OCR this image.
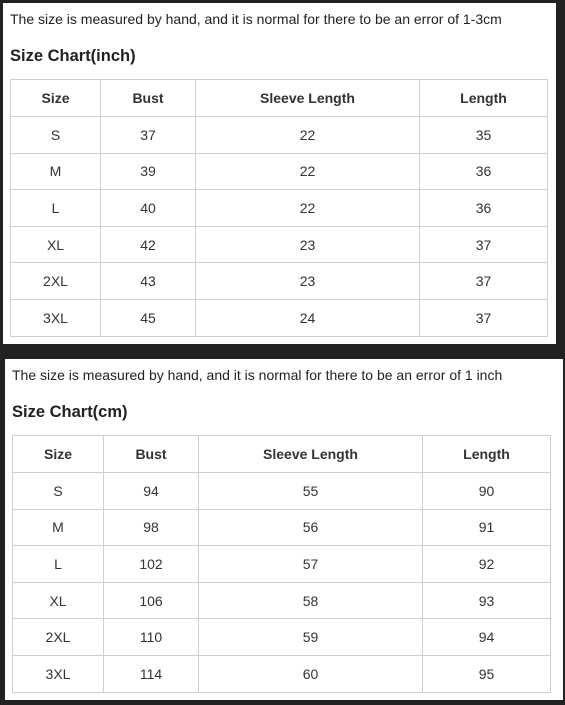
The size is measured by hand, and it is normal for there to be an error of 1-3cm
Size Chart(inch)
Size	Bust	Sleeve Length	Length
S	37	22	35
M	39	22	36
L	40	22	36
XL	42	23	37
2XL	43	23	37
3XL	45	24	37
The size is measured by hand, and it is normal for there to be an error of 1 inch
Size Chart(cm)
Size	Bust	Sleeve Length	Length
S	94	55	90
M	98	56	91
L	102	57	92
XL	106	58	93
2XL	110	59	94
3XL	114	60	95
